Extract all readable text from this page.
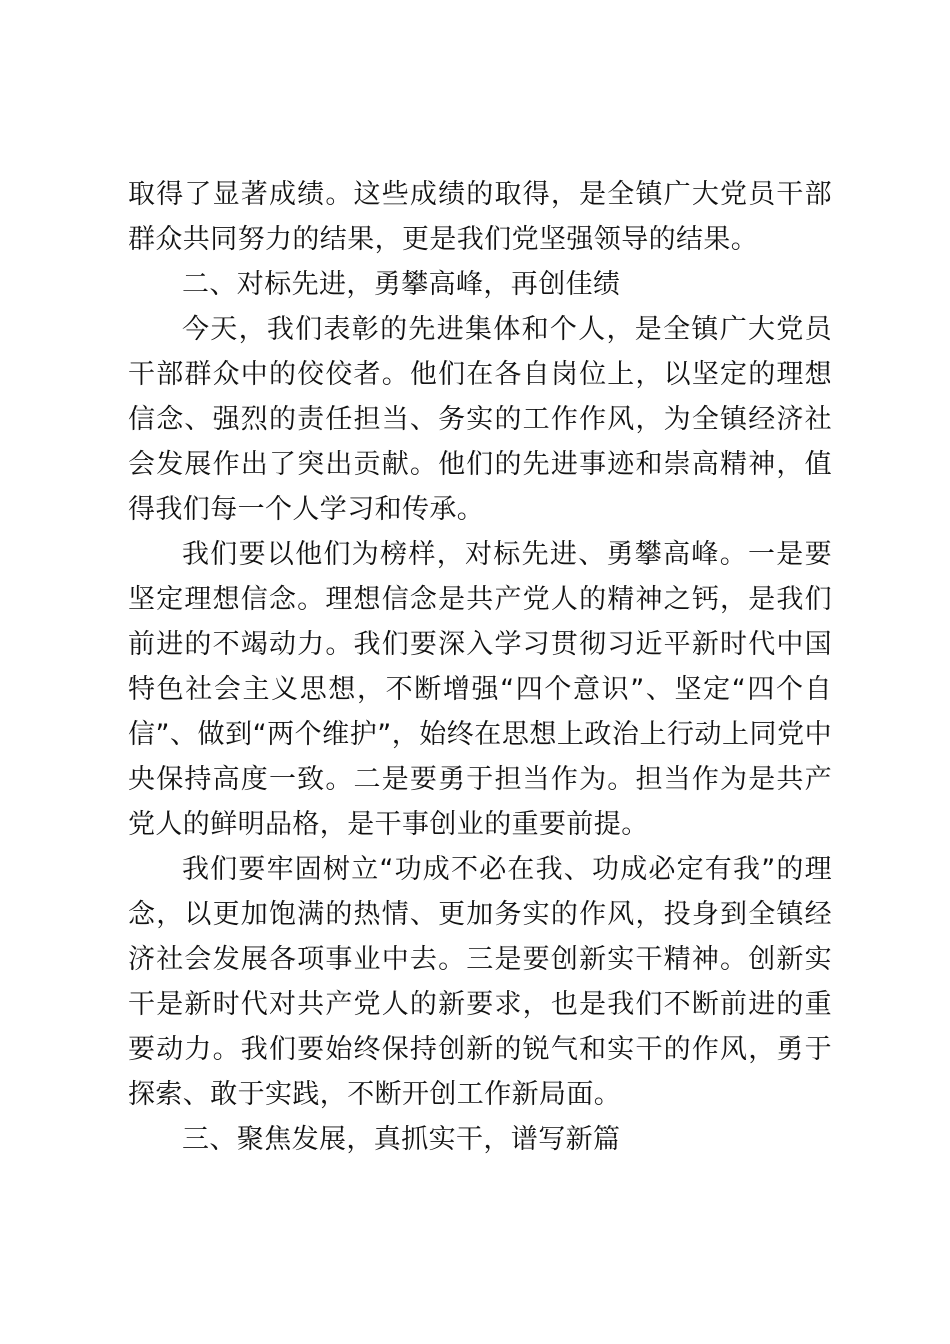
取得了显著成绩。这些成绩的取得，是全镇广大党员干部群众共同努力的结果，更是我们党坚强领导的结果。

二、对标先进，勇攀高峰，再创佳绩

今天，我们表彰的先进集体和个人，是全镇广大党员干部群众中的佼佼者。他们在各自岗位上，以坚定的理想信念、强烈的责任担当、务实的工作作风，为全镇经济社会发展作出了突出贡献。他们的先进事迹和崇高精神，值得我们每一个人学习和传承。

我们要以他们为榜样，对标先进、勇攀高峰。一是要坚定理想信念。理想信念是共产党人的精神之钙，是我们前进的不竭动力。我们要深入学习贯彻习近平新时代中国特色社会主义思想，不断增强“四个意识”、坚定“四个自信”、做到“两个维护”，始终在思想上政治上行动上同党中央保持高度一致。二是要勇于担当作为。担当作为是共产党人的鲜明品格，是干事创业的重要前提。

我们要牢固树立“功成不必在我、功成必定有我”的理念，以更加饱满的热情、更加务实的作风，投身到全镇经济社会发展各项事业中去。三是要创新实干精神。创新实干是新时代对共产党人的新要求，也是我们不断前进的重要动力。我们要始终保持创新的锐气和实干的作风，勇于探索、敢于实践，不断开创工作新局面。

三、聚焦发展，真抓实干，谱写新篇
